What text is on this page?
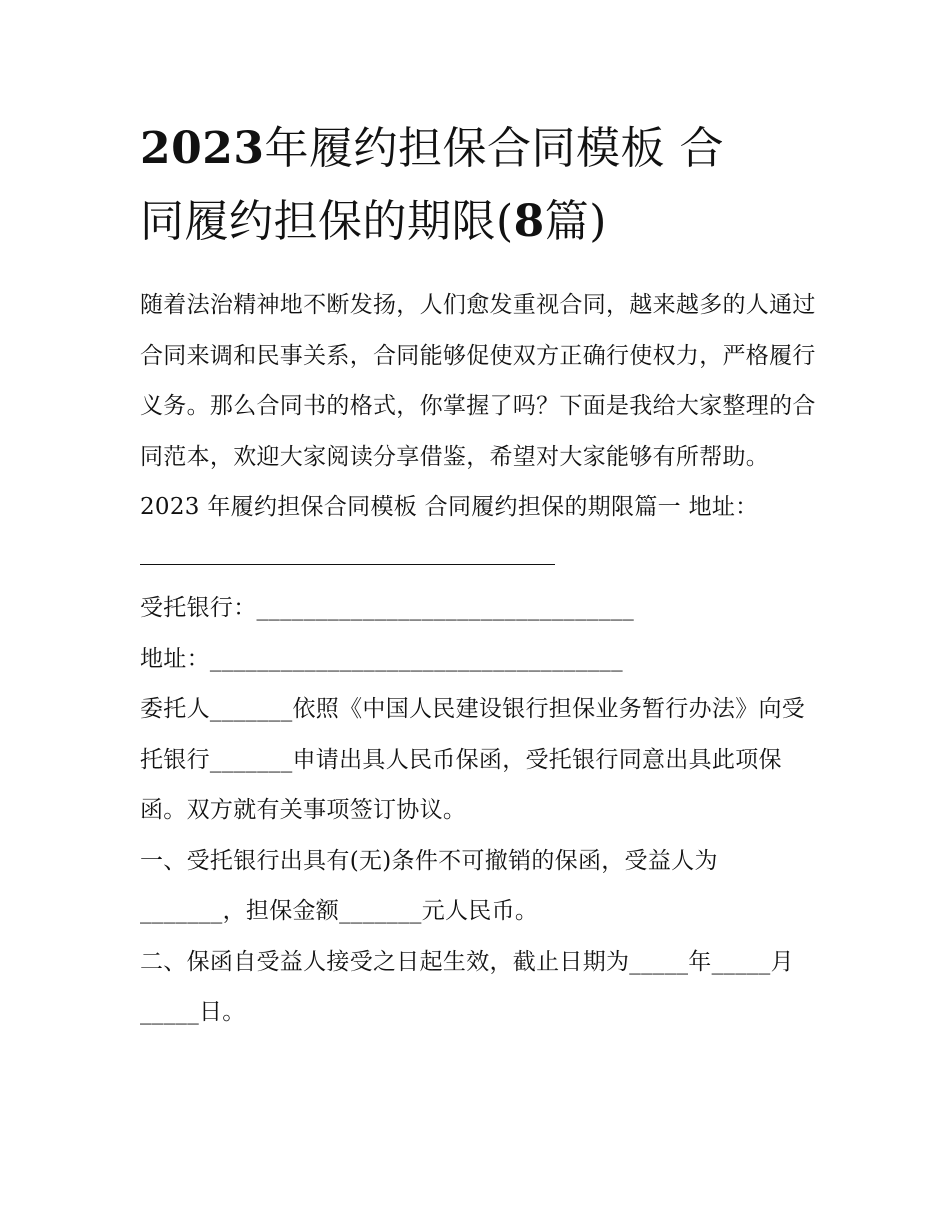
2023年履约担保合同模板 合
同履约担保的期限(8篇)

随着法治精神地不断发扬，人们愈发重视合同，越来越多的人通过合同来调和民事关系，合同能够促使双方正确行使权力，严格履行义务。那么合同书的格式，你掌握了吗？下面是我给大家整理的合同范本，欢迎大家阅读分享借鉴，希望对大家能够有所帮助。

2023 年履约担保合同模板 合同履约担保的期限篇一 地址：

受托银行：________________________________

地址：___________________________________

委托人_______依照《中国人民建设银行担保业务暂行办法》向受托银行_______申请出具人民币保函，受托银行同意出具此项保函。双方就有关事项签订协议。

一、受托银行出具有(无)条件不可撤销的保函，受益人为_______，担保金额_______元人民币。

二、保函自受益人接受之日起生效，截止日期为_____年_____月_____日。
